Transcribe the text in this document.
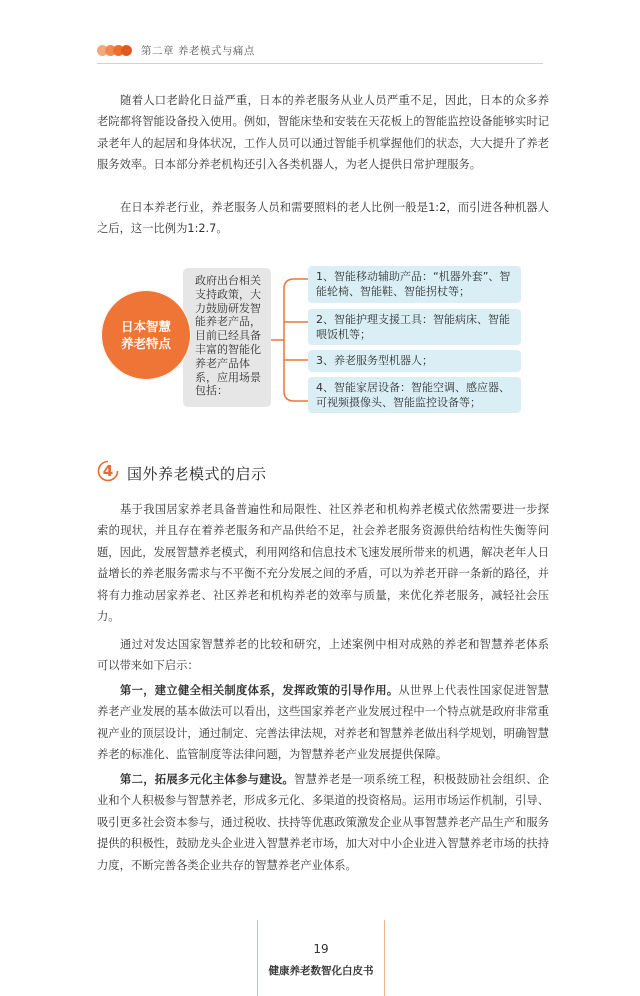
第二章 养老模式与痛点

随着人口老龄化日益严重，日本的养老服务从业人员严重不足，因此，日本的众多养老院都将智能设备投入使用。例如，智能床垫和安装在天花板上的智能监控设备能够实时记录老年人的起居和身体状况，工作人员可以通过智能手机掌握他们的状态，大大提升了养老服务效率。日本部分养老机构还引入各类机器人，为老人提供日常护理服务。

在日本养老行业，养老服务人员和需要照料的老人比例一般是1:2，而引进各种机器人之后，这一比例为1:2.7。

政府出台相关支持政策，大力鼓励研发智能养老产品，目前已经具备丰富的智能化养老产品体系，应用场景包括：
日本智慧
养老特点
1、智能移动辅助产品：“机器外套”、智能轮椅、智能鞋、智能拐杖等；
2、智能护理支援工具：智能病床、智能喂饭机等；
3、养老服务型机器人；
4、智能家居设备：智能空调、感应器、可视频摄像头、智能监控设备等；
4 国外养老模式的启示

基于我国居家养老具备普遍性和局限性、社区养老和机构养老模式依然需要进一步探索的现状，并且存在着养老服务和产品供给不足，社会养老服务资源供给结构性失衡等问题，因此，发展智慧养老模式，利用网络和信息技术飞速发展所带来的机遇，解决老年人日益增长的养老服务需求与不平衡不充分发展之间的矛盾，可以为养老开辟一条新的路径，并将有力推动居家养老、社区养老和机构养老的效率与质量，来优化养老服务，减轻社会压力。

通过对发达国家智慧养老的比较和研究，上述案例中相对成熟的养老和智慧养老体系可以带来如下启示：

第一，建立健全相关制度体系，发挥政策的引导作用。从世界上代表性国家促进智慧养老产业发展的基本做法可以看出，这些国家养老产业发展过程中一个特点就是政府非常重视产业的顶层设计，通过制定、完善法律法规，对养老和智慧养老做出科学规划，明确智慧养老的标准化、监管制度等法律问题，为智慧养老产业发展提供保障。

第二，拓展多元化主体参与建设。智慧养老是一项系统工程，积极鼓励社会组织、企业和个人积极参与智慧养老，形成多元化、多渠道的投资格局。运用市场运作机制，引导、吸引更多社会资本参与，通过税收、扶持等优惠政策激发企业从事智慧养老产品生产和服务提供的积极性，鼓励龙头企业进入智慧养老市场，加大对中小企业进入智慧养老市场的扶持力度，不断完善各类企业共存的智慧养老产业体系。

19
健康养老数智化白皮书
